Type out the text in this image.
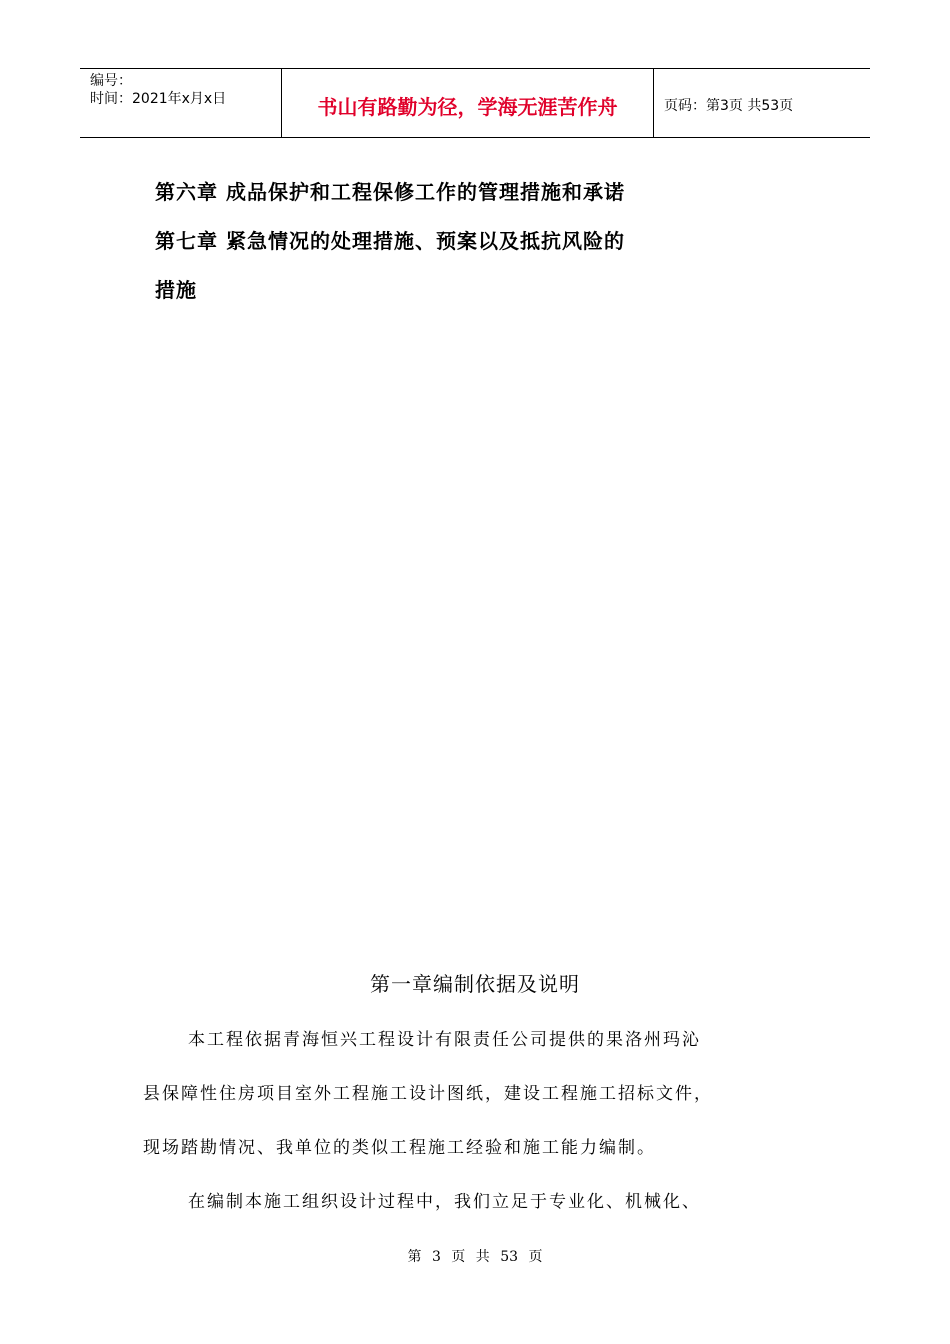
编号：
时间：2021年x月x日	书山有路勤为径，学海无涯苦作舟	页码：第3页 共53页
第六章 成品保护和工程保修工作的管理措施和承诺
第七章 紧急情况的处理措施、预案以及抵抗风险的
措施
第一章编制依据及说明
本工程依据青海恒兴工程设计有限责任公司提供的果洛州玛沁
县保障性住房项目室外工程施工设计图纸，建设工程施工招标文件，
现场踏勘情况、我单位的类似工程施工经验和施工能力编制。
在编制本施工组织设计过程中，我们立足于专业化、机械化、
第 3 页 共 53 页
